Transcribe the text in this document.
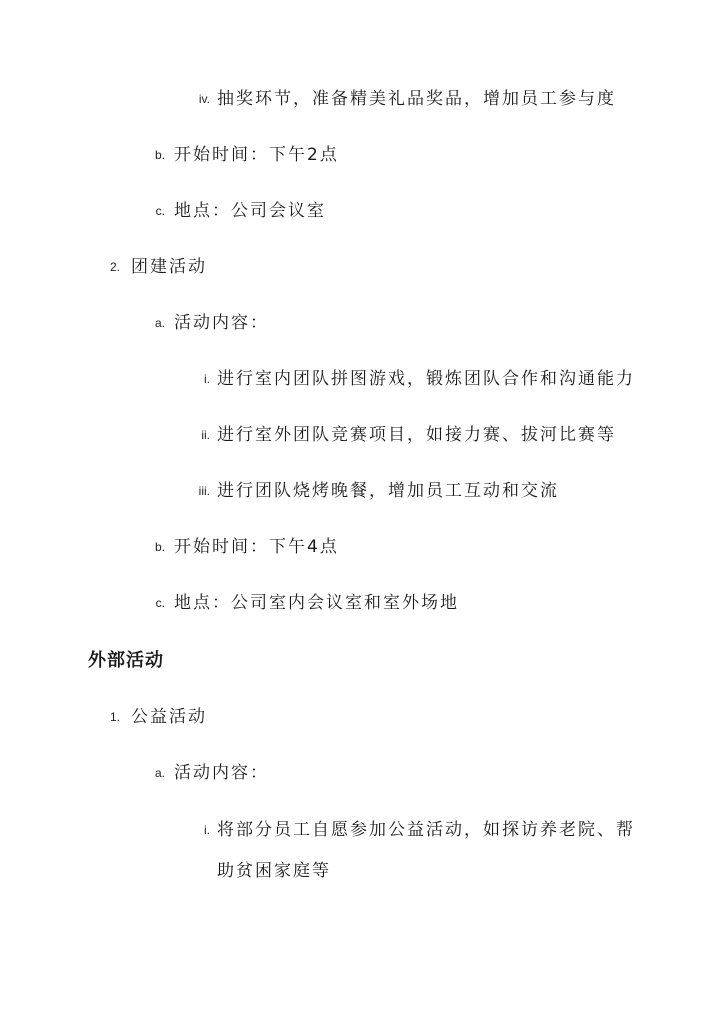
iv. 抽奖环节，准备精美礼品奖品，增加员工参与度
b. 开始时间：下午2点
c. 地点：公司会议室
2. 团建活动
a. 活动内容：
i. 进行室内团队拼图游戏，锻炼团队合作和沟通能力
ii. 进行室外团队竞赛项目，如接力赛、拔河比赛等
iii. 进行团队烧烤晚餐，增加员工互动和交流
b. 开始时间：下午4点
c. 地点：公司室内会议室和室外场地
外部活动
1. 公益活动
a. 活动内容：
i. 将部分员工自愿参加公益活动，如探访养老院、帮
助贫困家庭等
